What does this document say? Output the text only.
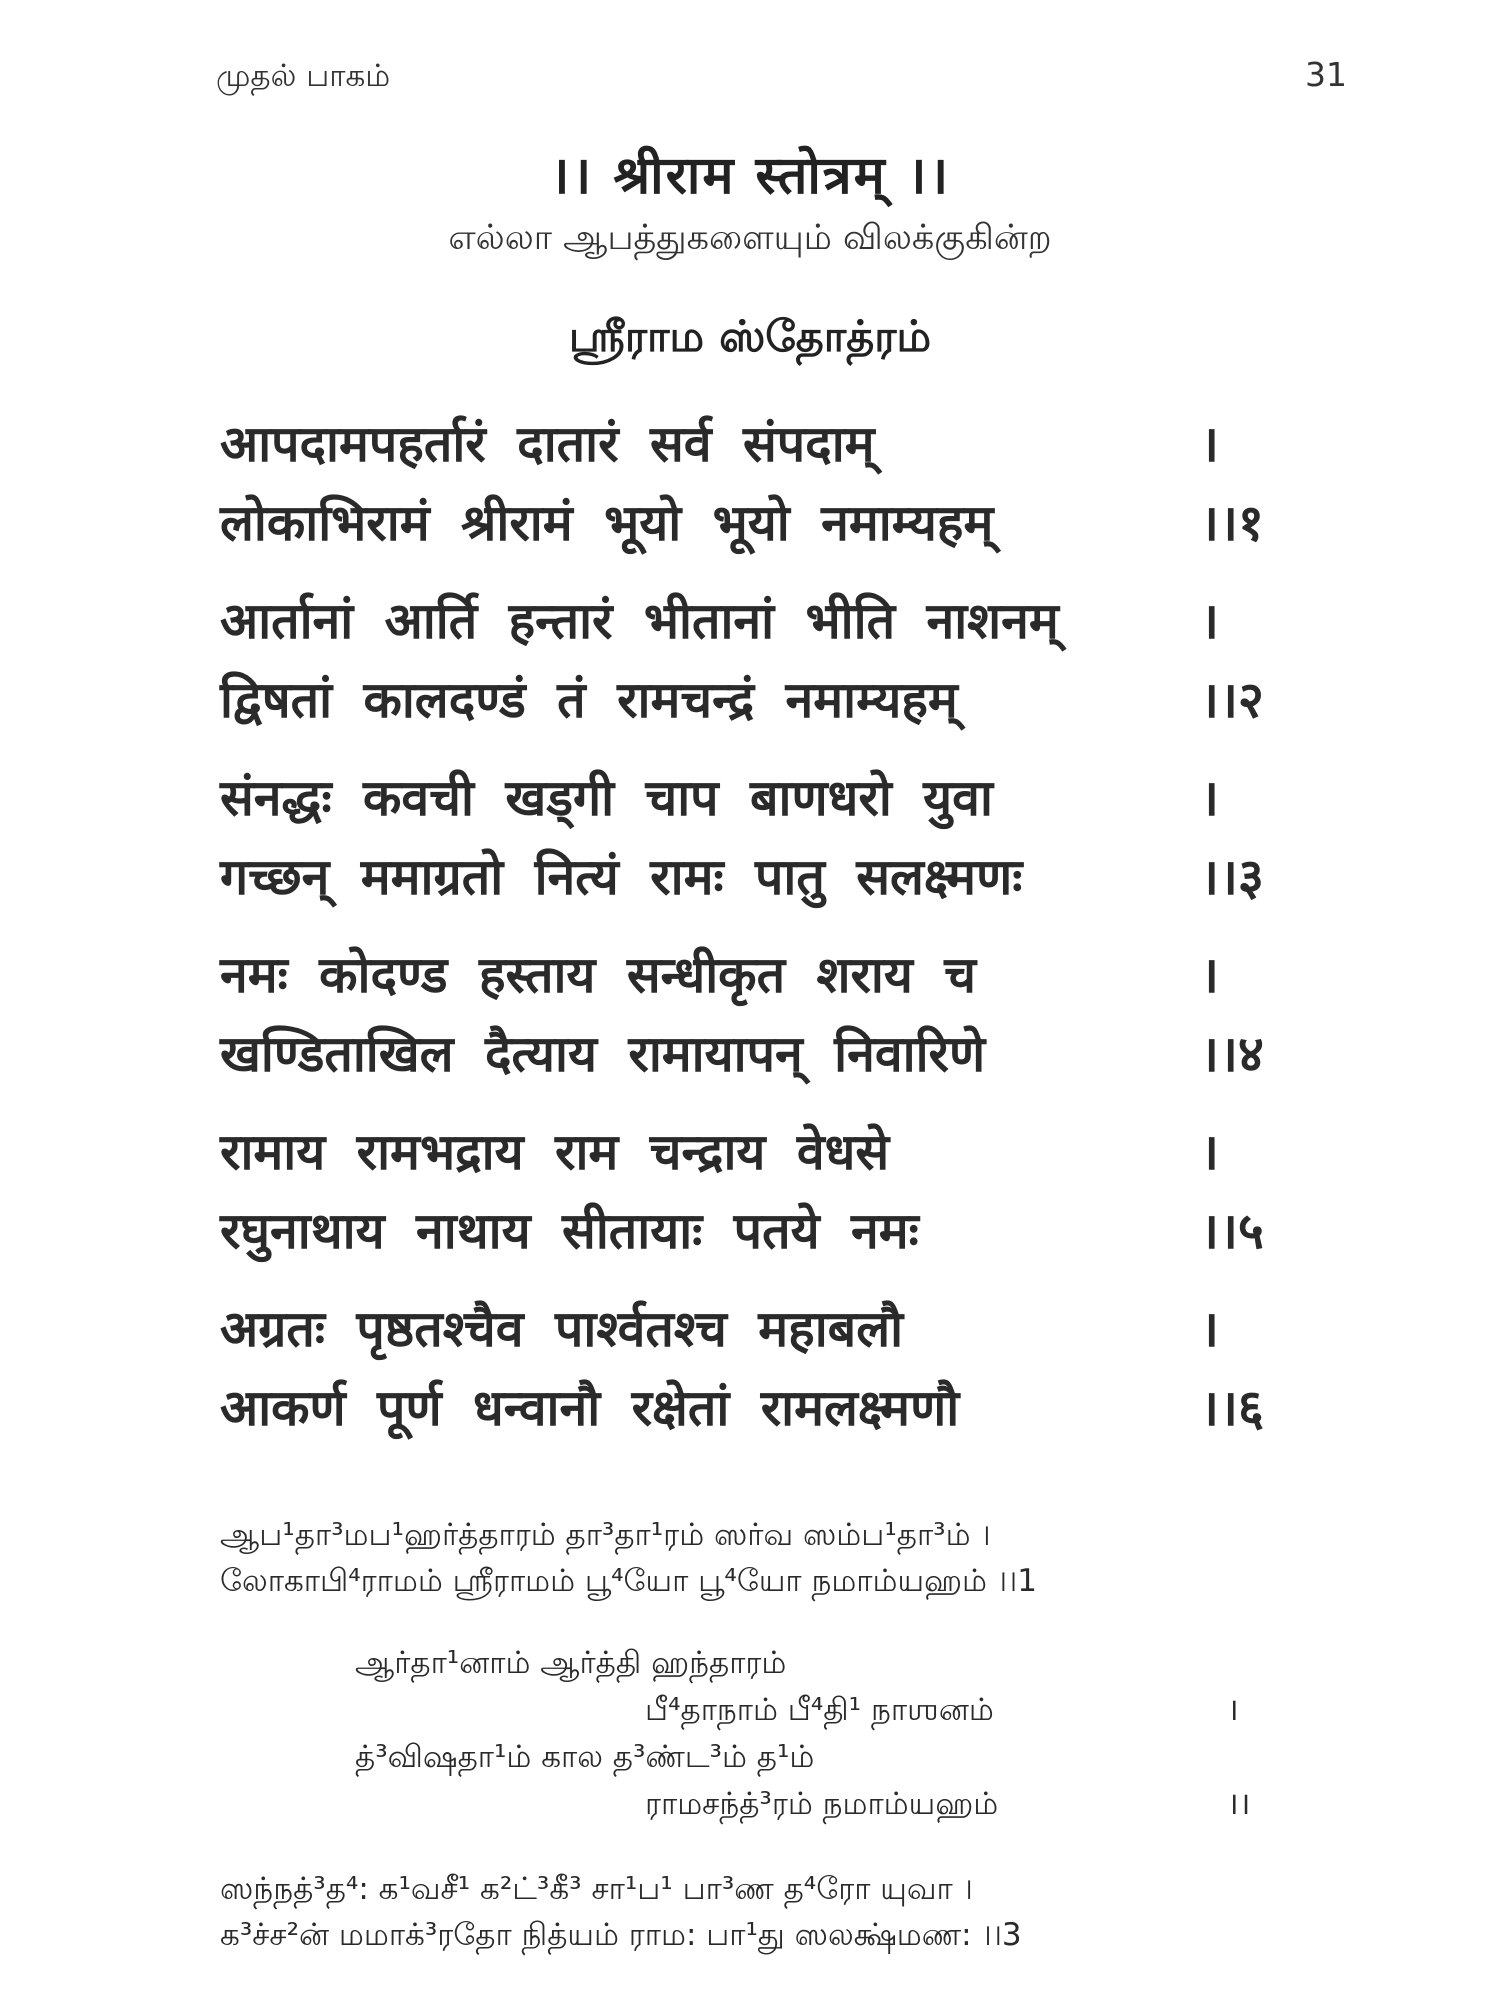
முதல் பாகம்	31
।। श्रीराम स्तोत्रम् ।।
எல்லா ஆபத்துகளையும் விலக்குகின்ற
ஸ்ரீராம ஸ்தோத்ரம்
आपदामपहर्तारं दातारं सर्व संपदाम्	।
लोकाभिरामं श्रीरामं भूयो भूयो नमाम्यहम्	।।१
आर्तानां आर्ति हन्तारं भीतानां भीति नाशनम्	।
द्विषतां कालदण्डं तं रामचन्द्रं नमाम्यहम्	।।२
संनद्धः कवची खड्गी चाप बाणधरो युवा	।
गच्छन् ममाग्रतो नित्यं रामः पातु सलक्ष्मणः	।।३
नमः कोदण्ड हस्ताय सन्धीकृत शराय च	।
खण्डिताखिल दैत्याय रामायापन् निवारिणे	।।४
रामाय रामभद्राय राम चन्द्राय वेधसे	।
रघुनाथाय नाथाय सीतायाः पतये नमः	।।५
अग्रतः पृष्ठतश्चैव पार्श्वतश्च महाबलौ	।
आकर्ण पूर्ण धन्वानौ रक्षेतां रामलक्ष्मणौ	।।६
ஆப¹தா³மப¹ஹர்த்தாரம் தா³தா¹ரம் ஸர்வ ஸம்ப¹தா³ம் ।
லோகாபி⁴ராமம் ஸ்ரீராமம் பூ⁴யோ பூ⁴யோ நமாம்யஹம் ।।1
ஆர்தா¹னாம் ஆர்த்தி ஹந்தாரம்
பீ⁴தாநாம் பீ⁴தி¹ நாஶனம்	।
த்³விஷதா¹ம் கால த³ண்ட³ம் த¹ம்
ராமசந்த்³ரம் நமாம்யஹம்	।।
ஸந்நத்³த⁴: க¹வசீ¹ க²ட்³கீ³ சா¹ப¹ பா³ண த⁴ரோ யுவா ।
க³ச்ச²ன் மமாக்³ரதோ நித்யம் ராம: பா¹து ஸலக்ஷ்மண: ।।3
